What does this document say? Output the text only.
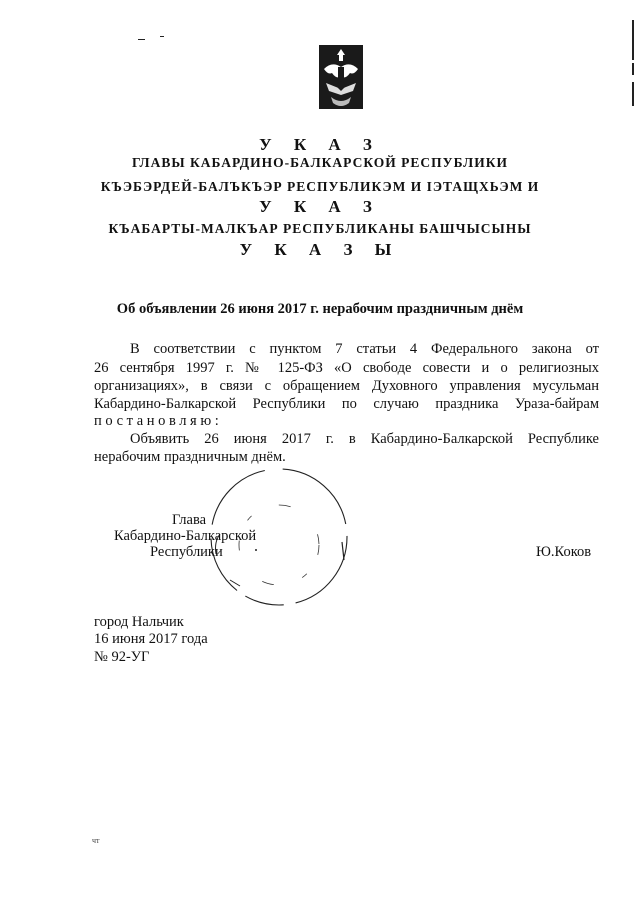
У К А З
ГЛАВЫ КАБАРДИНО-БАЛКАРСКОЙ РЕСПУБЛИКИ
КЪЭБЭРДЕЙ-БАЛЪКЪЭР РЕСПУБЛИКЭМ И ІЭТАЩХЬЭМ И
У К А З
КЪАБАРТЫ-МАЛКЪАР РЕСПУБЛИКАНЫ БАШЧЫСЫНЫ
У К А З Ы
Об объявлении 26 июня 2017 г. нерабочим праздничным днём
В соответствии с пунктом 7 статьи 4 Федерального закона от
26 сентября 1997 г. № 125-ФЗ «О свободе совести и о религиозных
организациях», в связи с обращением Духовного управления мусульман
Кабардино-Балкарской Республики по случаю праздника Ураза-байрам
постановляю:
Объявить 26 июня 2017 г. в Кабардино-Балкарской Республике
нерабочим праздничным днём.
Глава
Кабардино-Балкарской
Республики	Ю.Коков
город Нальчик
16 июня 2017 года
№ 92-УГ
чт
